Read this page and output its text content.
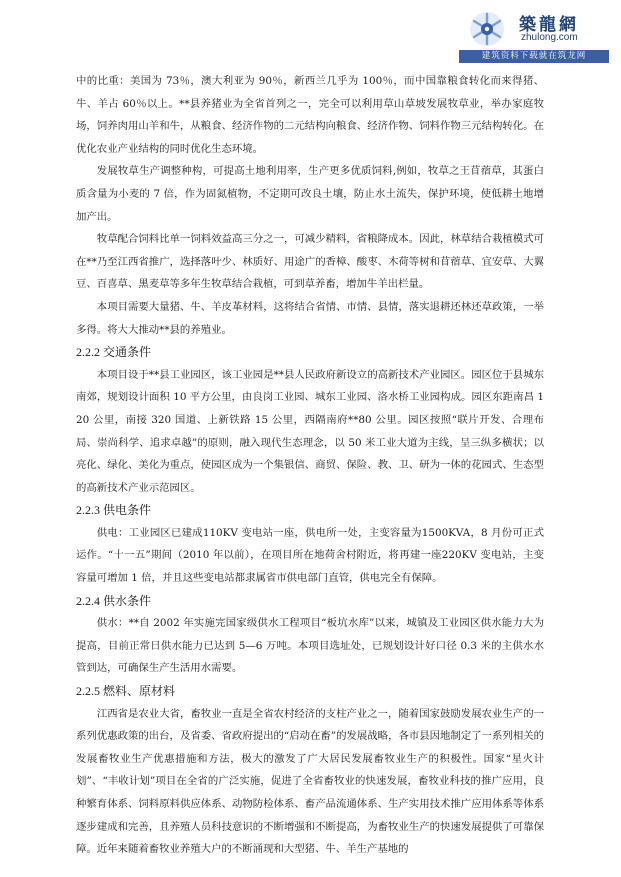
築龍網
zhulong.com
建筑资料下载就在筑龙网

中的比重：美国为 73％，澳大利亚为 90％，新西兰几乎为 100％，而中国靠粮食转化而来得猪、牛、羊占 60％以上。**县养猪业为全省首列之一，完全可以利用草山草坡发展牧草业，举办家庭牧场，饲养肉用山羊和牛，从粮食、经济作物的二元结构向粮食、经济作物、饲料作物三元结构转化。在优化农业产业结构的同时优化生态环境。

发展牧草生产调整种构，可提高土地利用率，生产更多优质饲料,例如，牧草之王苜蓿草，其蛋白质含量为小麦的 7 倍，作为固氮植物，不定期可改良土壤，防止水土流失，保护环境，使低耕土地增加产出。

牧草配合饲料比单一饲料效益高三分之一，可减少精料，省粮降成本。因此，林草结合栽植模式可在**乃至江西省推广，选择落叶少、林质好、用途广的香樟、酸枣、木荷等树和苜蓿草、宜安草、大翼豆、百喜草、黑麦草等多年生牧草结合栽植，可到草养畜，增加牛羊出栏量。

本项目需要大量猪、牛、羊皮革材料，这将结合省情、市情、县情，落实退耕还林还草政策，一举多得。将大大推动**县的养殖业。

2.2.2 交通条件

本项目设于**县工业园区，该工业园是**县人民政府新设立的高新技术产业园区。园区位于县城东南郊，规划设计面积 10 平方公里，由良岗工业园、城东工业园、洛水桥工业园构成。园区东距南昌 120 公里，南接 320 国道、上新铁路 15 公里，西隔南府**80 公里。园区按照“联片开发、合理布局、崇尚科学、追求卓越”的原则，融入现代生态理念，以 50 米工业大道为主线，呈三纵多横状；以亮化、绿化、美化为重点，使园区成为一个集银信、商贸、保险、教、卫、研为一体的花园式、生态型的高新技术产业示范园区。

2.2.3 供电条件

供电：工业园区已建成110KV 变电站一座，供电所一处，主变容量为1500KVA，8 月份可正式运作。“十一五”期间（2010 年以前），在项目所在地荷舍村附近，将再建一座220KV 变电站，主变容量可增加 1 倍，并且这些变电站都隶属省市供电部门直管，供电完全有保障。

2.2.4 供水条件

供水：**自 2002 年实施完国家级供水工程项目“板坑水库”以来，城镇及工业园区供水能力大为提高，目前正常日供水能力已达到 5—6 万吨。本项目选址处，已规划设计好口径 0.3 米的主供水水管到达，可确保生产生活用水需要。

2.2.5 燃料、原材料

江西省是农业大省，畜牧业一直是全省农村经济的支柱产业之一，随着国家鼓励发展农业生产的一系列优惠政策的出台，及省委、省政府提出的“启动在畜”的发展战略，各市县因地制定了一系列相关的发展畜牧业生产优惠措施和方法，极大的激发了广大居民发展畜牧业生产的积极性。国家“星火计划”、“丰收计划”项目在全省的广泛实施，促进了全省畜牧业的快速发展，畜牧业科技的推广应用，良种繁育体系、饲料原料供应体系、动物防检体系、畜产品流通体系、生产实用技术推广应用体系等体系逐步建成和完善，且养殖人员科技意识的不断增强和不断提高，为畜牧业生产的快速发展提供了可靠保障。近年来随着畜牧业养殖大户的不断涌现和大型猪、牛、羊生产基地的
